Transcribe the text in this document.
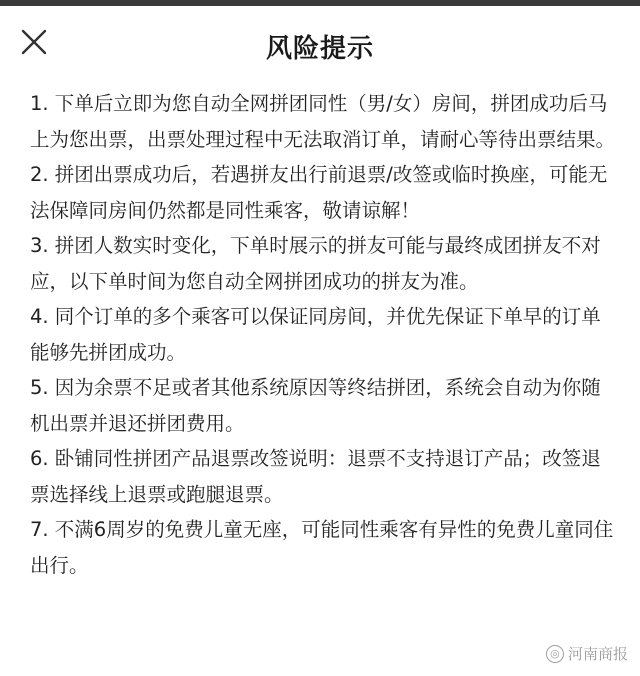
风险提示

1. 下单后立即为您自动全网拼团同性（男/女）房间，拼团成功后马上为您出票，出票处理过程中无法取消订单，请耐心等待出票结果。

2. 拼团出票成功后，若遇拼友出行前退票/改签或临时换座，可能无法保障同房间仍然都是同性乘客，敬请谅解！

3. 拼团人数实时变化，下单时展示的拼友可能与最终成团拼友不对应，以下单时间为您自动全网拼团成功的拼友为准。

4. 同个订单的多个乘客可以保证同房间，并优先保证下单早的订单能够先拼团成功。

5. 因为余票不足或者其他系统原因等终结拼团，系统会自动为你随机出票并退还拼团费用。

6. 卧铺同性拼团产品退票改签说明：退票不支持退订产品；改签退票选择线上退票或跑腿退票。

7. 不满6周岁的免费儿童无座，可能同性乘客有异性的免费儿童同住出行。

◎ 河南商报
